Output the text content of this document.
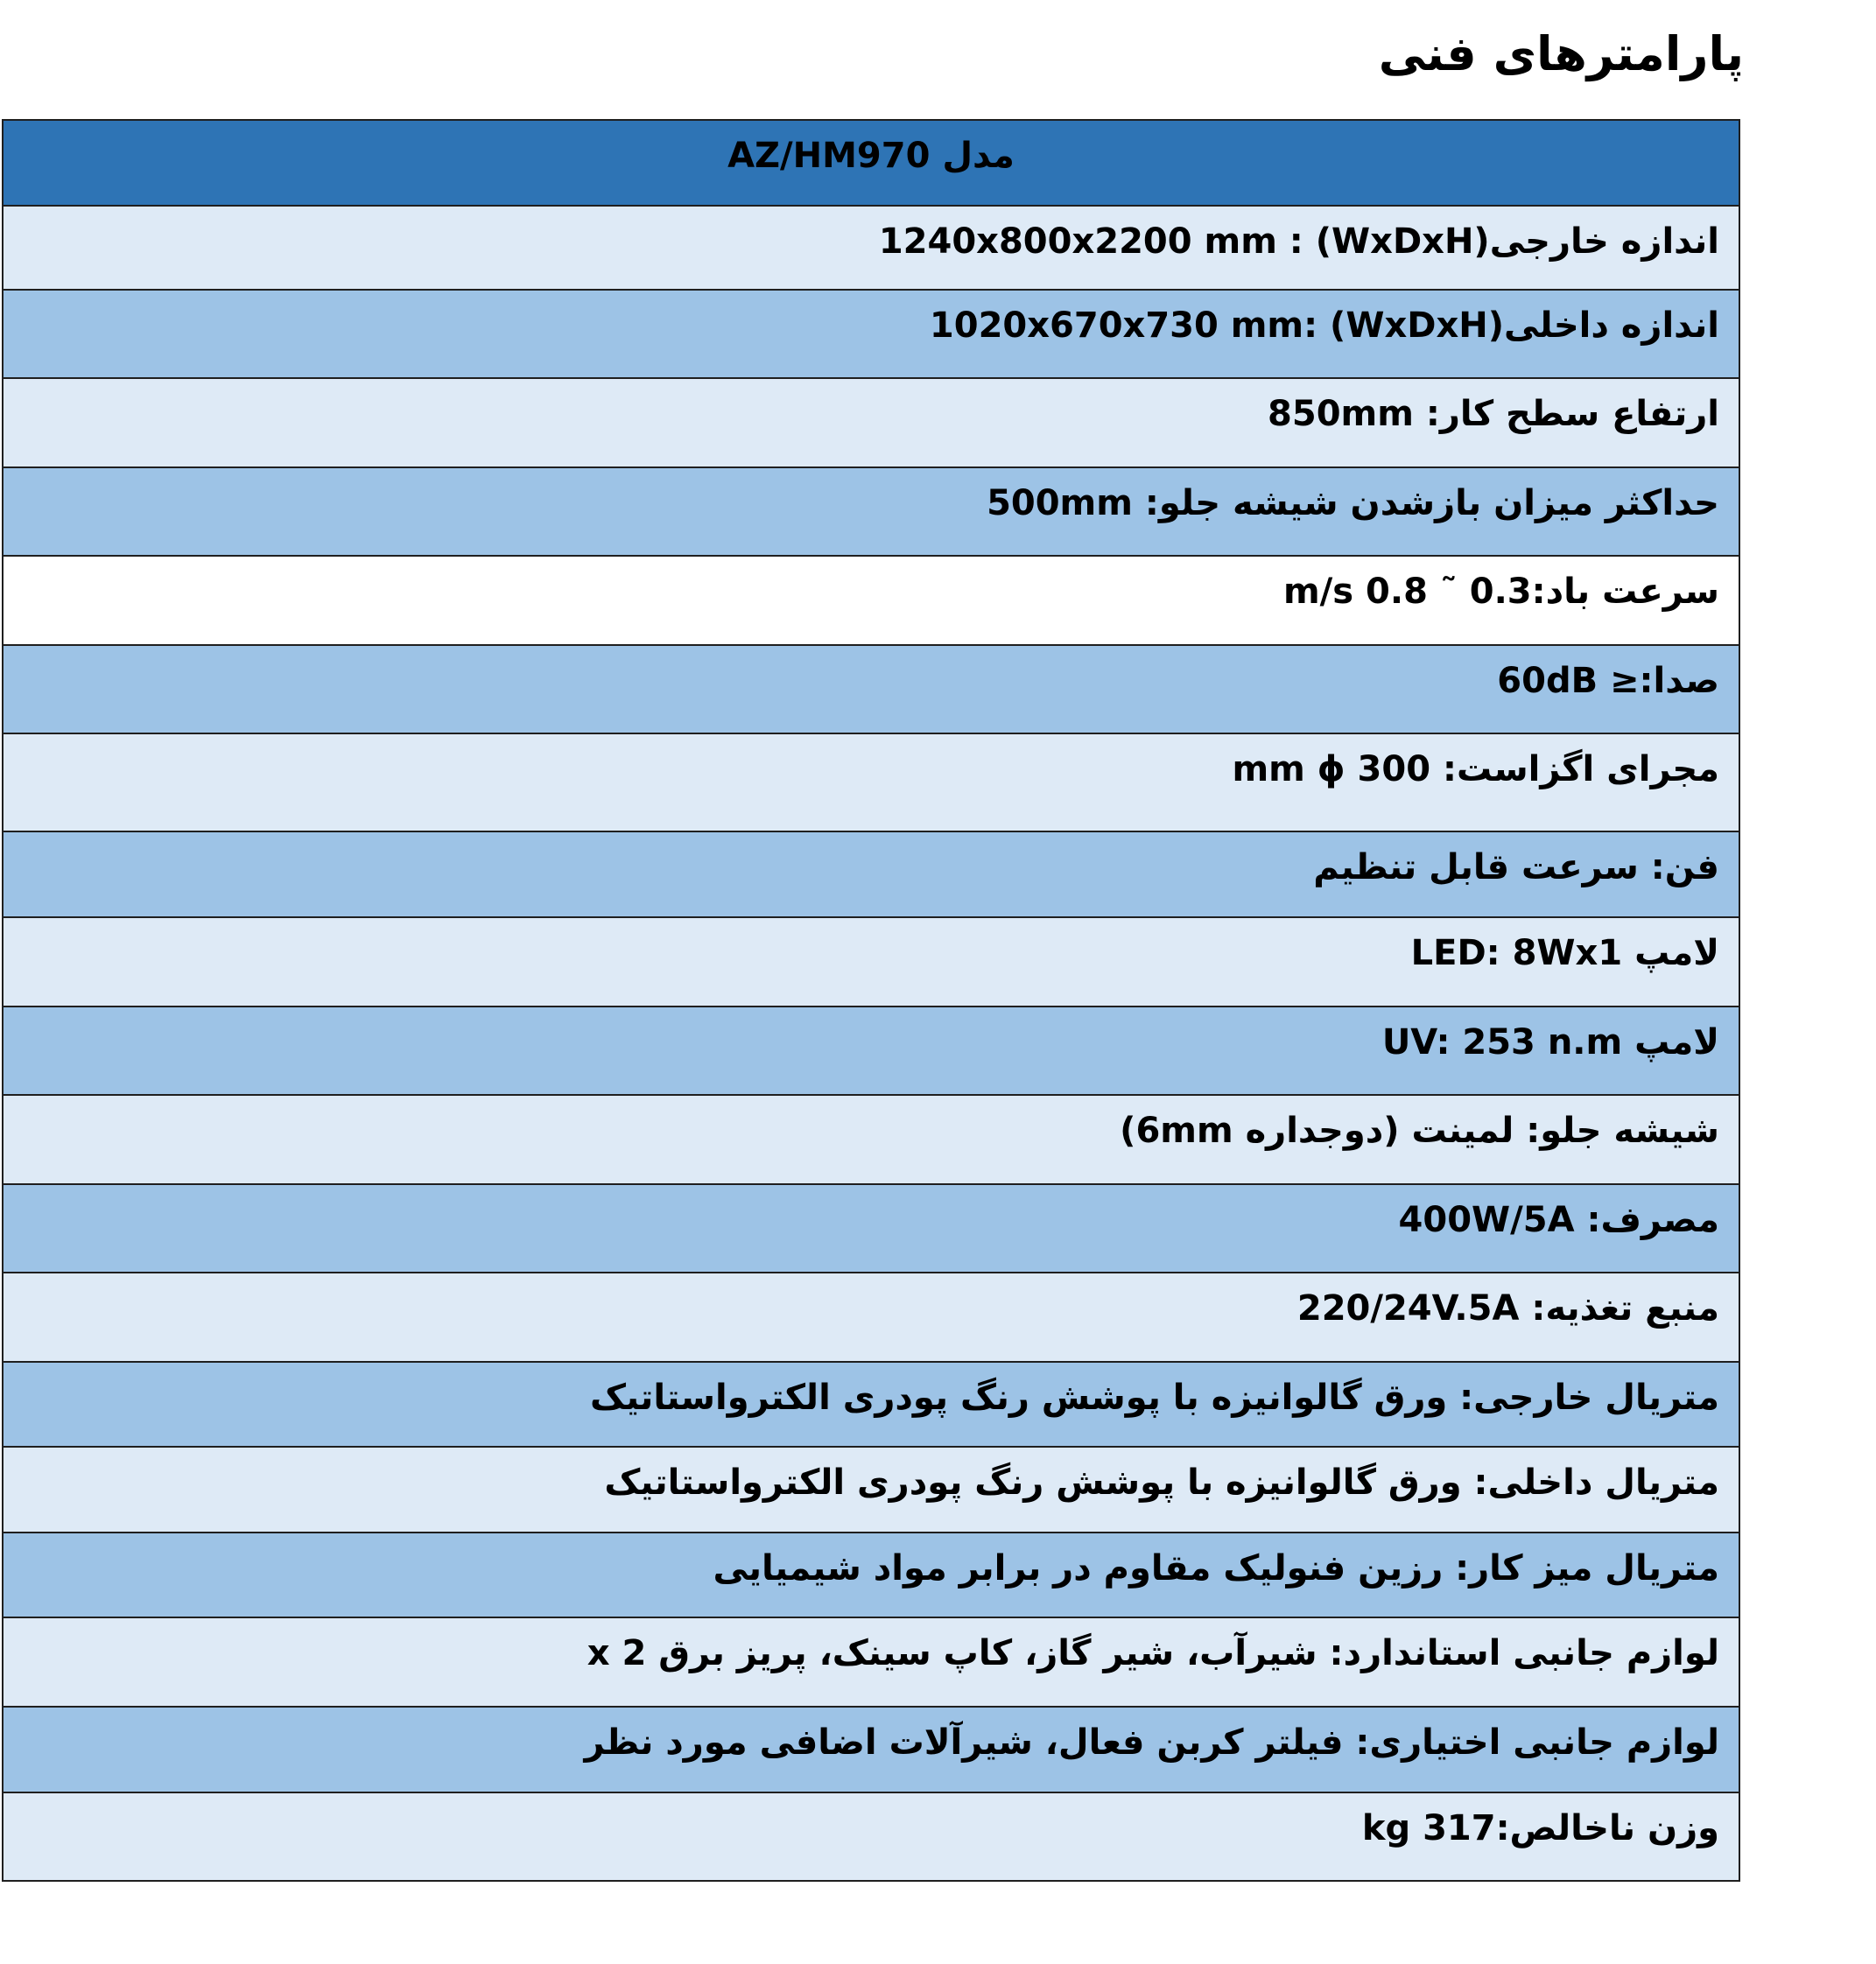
پارامترهای فنی
مدل AZ/HM970

اندازه خارجی(WxDxH) : 1240x800x2200 mm

اندازه داخلی(WxDxH) :1020x670x730 mm

ارتفاع سطح کار: 850mm

حداکثر میزان بازشدن شیشه جلو: 500mm

سرعت باد:0.3 ˜ 0.8 m/s

صدا:≤ 60dB

مجرای اگزاست: 300 mm ɸ

فن: سرعت قابل تنظیم

لامپ LED: 8Wx1

لامپ UV: 253 n.m

شیشه جلو: لمینت (دوجداره 6mm)

مصرف: 400W/5A

منبع تغذیه: 220/24V.5A

متریال خارجی: ورق گالوانیزه با پوشش رنگ پودری الکترواستاتیک

متریال داخلی: ورق گالوانیزه با پوشش رنگ پودری الکترواستاتیک

متریال میز کار: رزین فنولیک مقاوم در برابر مواد شیمیایی

لوازم جانبی استاندارد: شیرآب، شیر گاز، کاپ سینک، پریز برق x 2

لوازم جانبی اختیاری: فیلتر کربن فعال، شیرآلات اضافی مورد نظر

وزن ناخالص:317 kg
